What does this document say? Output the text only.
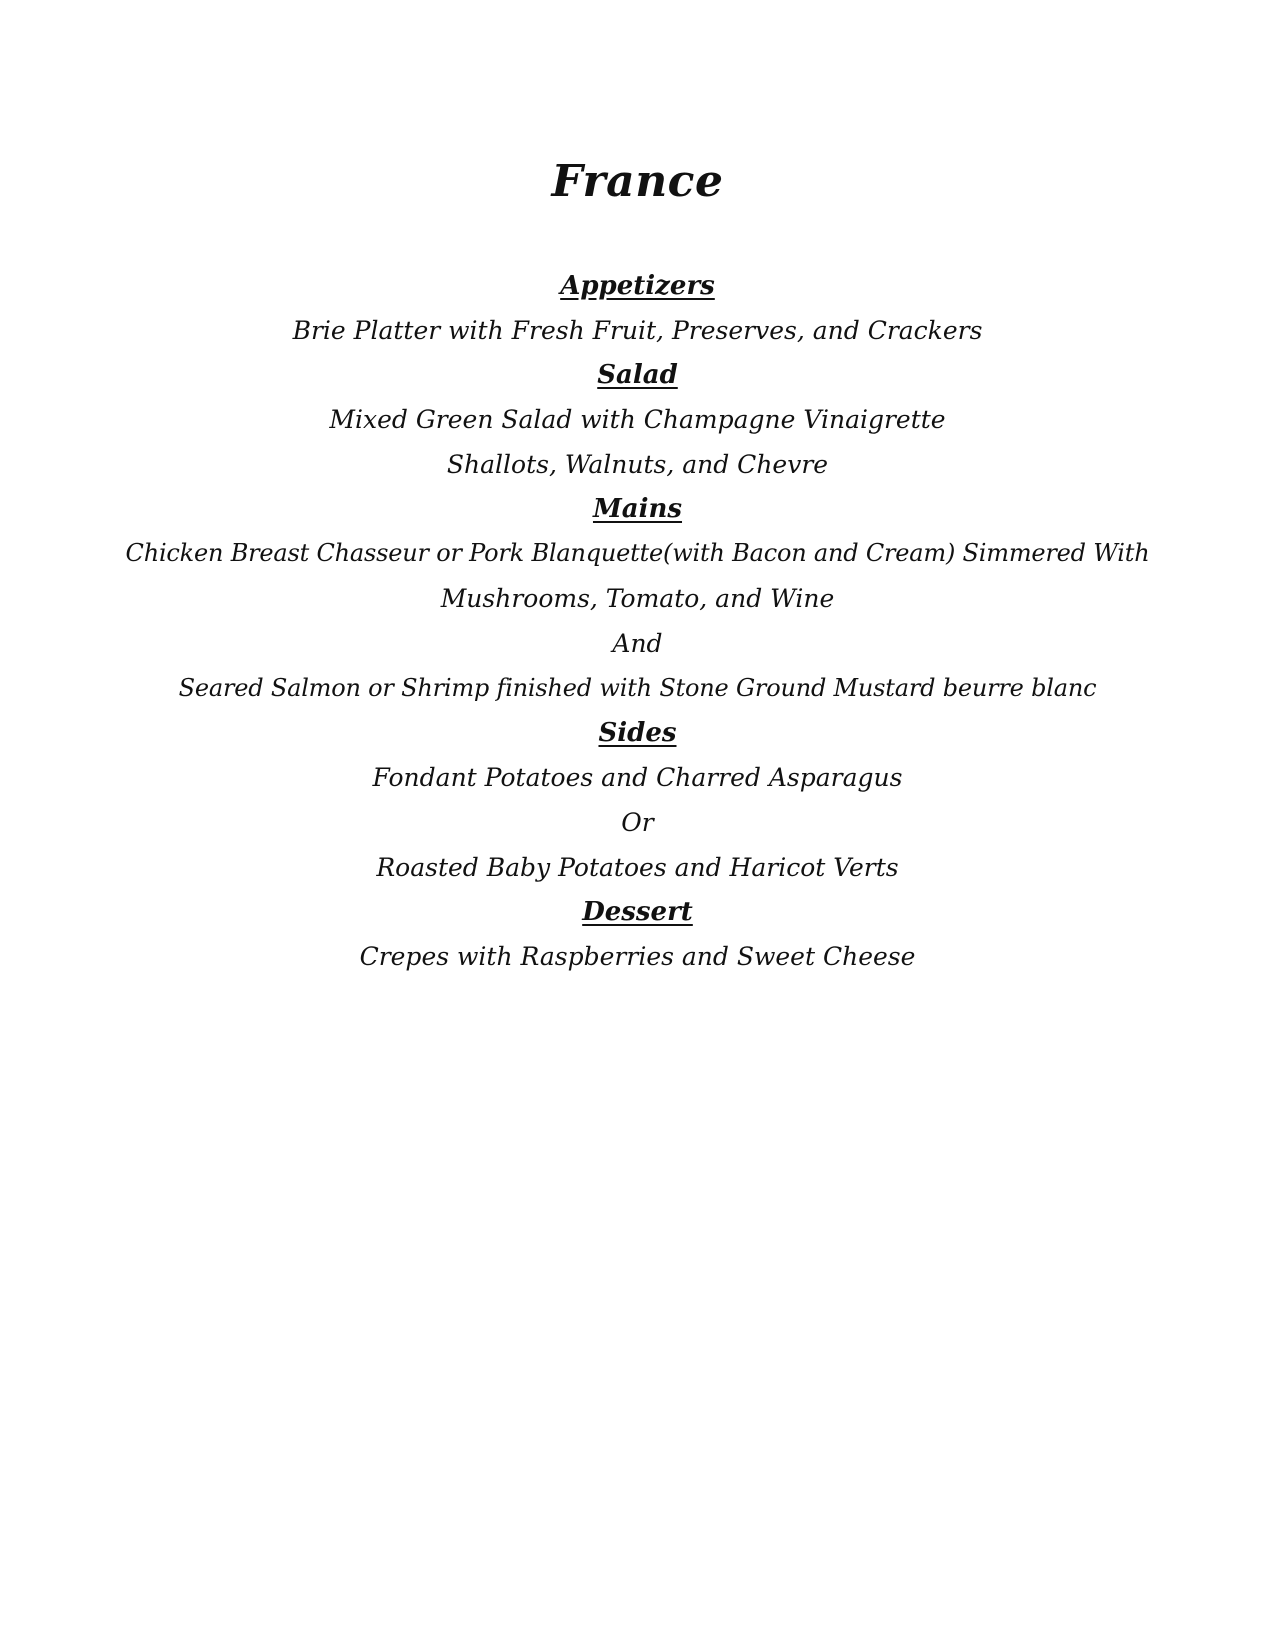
France
Appetizers

Brie Platter with Fresh Fruit, Preserves, and Crackers

Salad

Mixed Green Salad with Champagne Vinaigrette

Shallots, Walnuts, and Chevre

Mains

Chicken Breast Chasseur or Pork Blanquette(with Bacon and Cream) Simmered With

Mushrooms, Tomato, and Wine

And

Seared Salmon or Shrimp finished with Stone Ground Mustard beurre blanc

Sides

Fondant Potatoes and Charred Asparagus

Or

Roasted Baby Potatoes and Haricot Verts

Dessert

Crepes with Raspberries and Sweet Cheese
